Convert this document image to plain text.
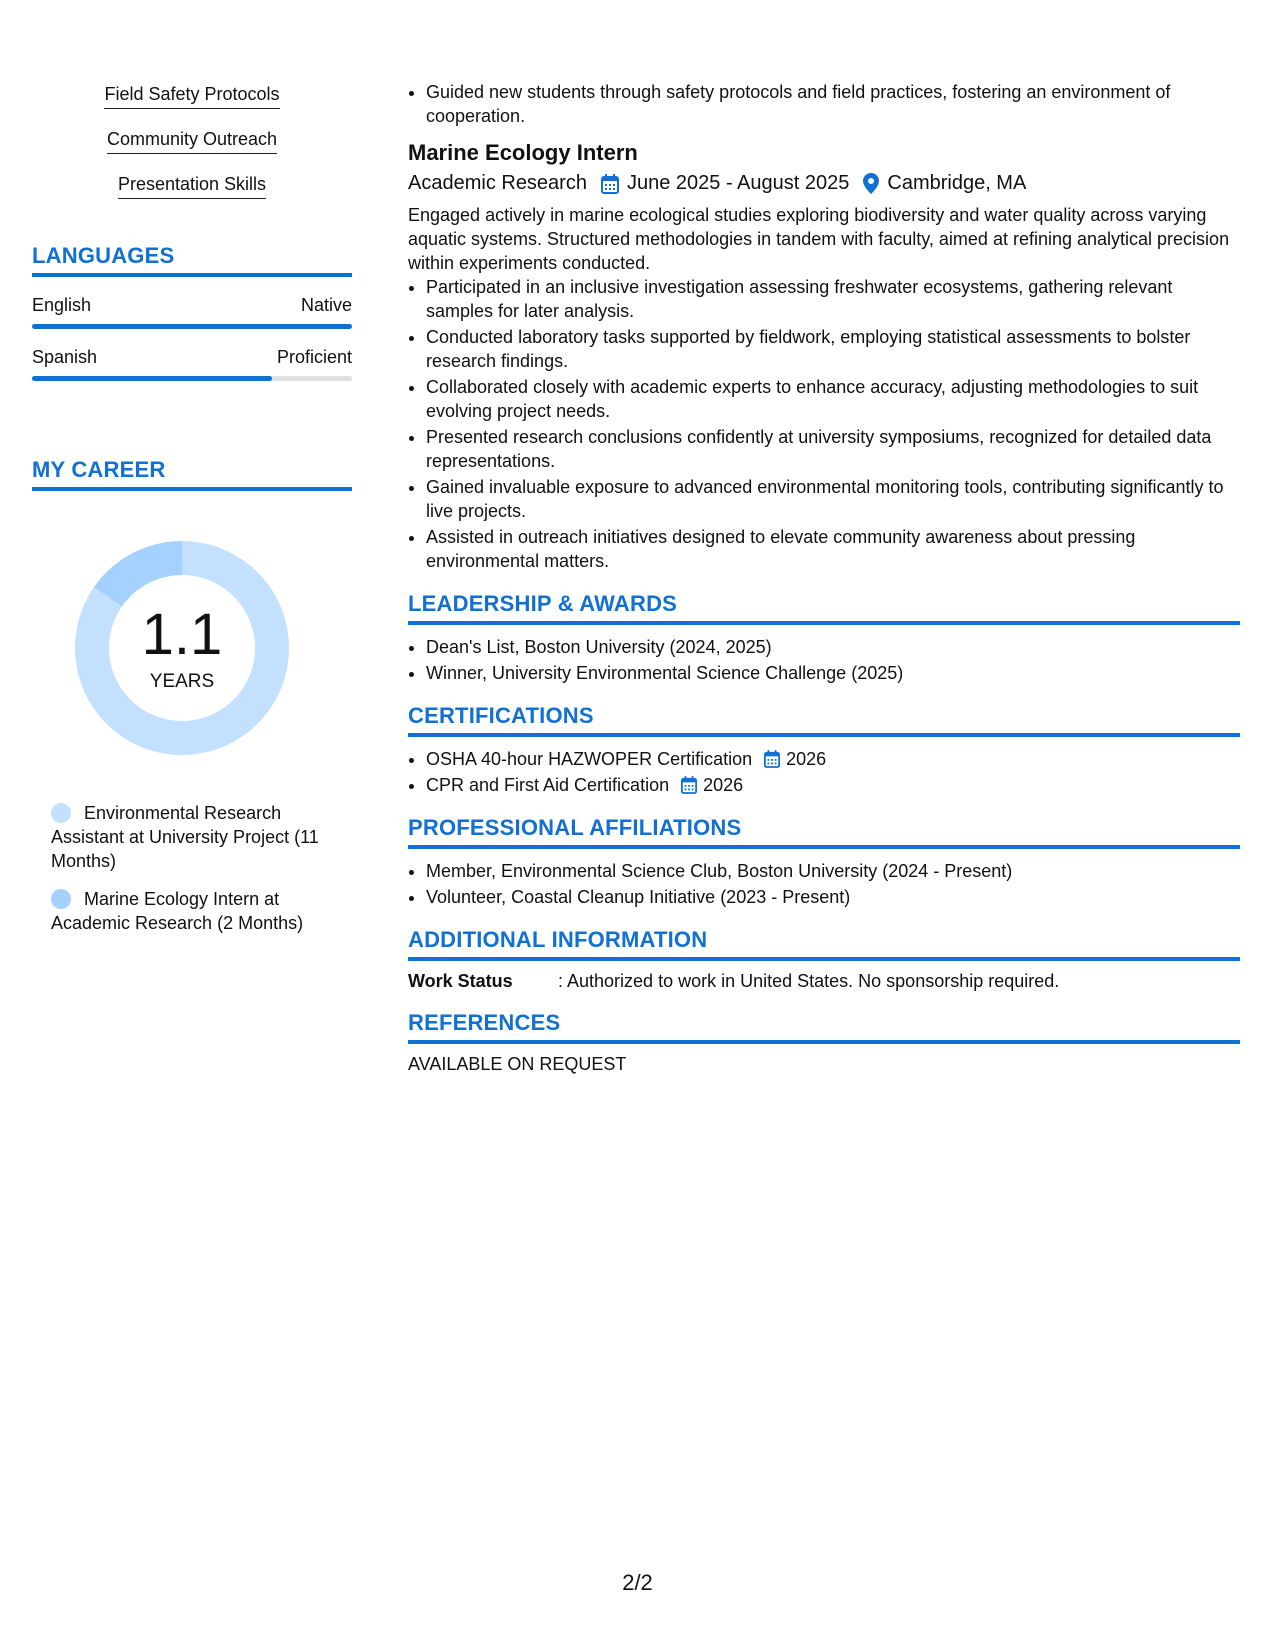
Field Safety Protocols
Community Outreach
Presentation Skills
LANGUAGES
English	Native
Spanish	Proficient
MY CAREER
1.1
YEARS
Environmental Research Assistant at University Project (11 Months)
Marine Ecology Intern at Academic Research (2 Months)
• Guided new students through safety protocols and field practices, fostering an environment of cooperation.
Marine Ecology Intern
Academic Research June 2025 - August 2025 Cambridge, MA
Engaged actively in marine ecological studies exploring biodiversity and water quality across varying aquatic systems. Structured methodologies in tandem with faculty, aimed at refining analytical precision within experiments conducted.
• Participated in an inclusive investigation assessing freshwater ecosystems, gathering relevant samples for later analysis.
• Conducted laboratory tasks supported by fieldwork, employing statistical assessments to bolster research findings.
• Collaborated closely with academic experts to enhance accuracy, adjusting methodologies to suit evolving project needs.
• Presented research conclusions confidently at university symposiums, recognized for detailed data representations.
• Gained invaluable exposure to advanced environmental monitoring tools, contributing significantly to live projects.
• Assisted in outreach initiatives designed to elevate community awareness about pressing environmental matters.
LEADERSHIP & AWARDS
• Dean's List, Boston University (2024, 2025)
• Winner, University Environmental Science Challenge (2025)
CERTIFICATIONS
• OSHA 40-hour HAZWOPER Certification 2026
• CPR and First Aid Certification 2026
PROFESSIONAL AFFILIATIONS
• Member, Environmental Science Club, Boston University (2024 - Present)
• Volunteer, Coastal Cleanup Initiative (2023 - Present)
ADDITIONAL INFORMATION
Work Status	: Authorized to work in United States. No sponsorship required.
REFERENCES
AVAILABLE ON REQUEST
2/2
